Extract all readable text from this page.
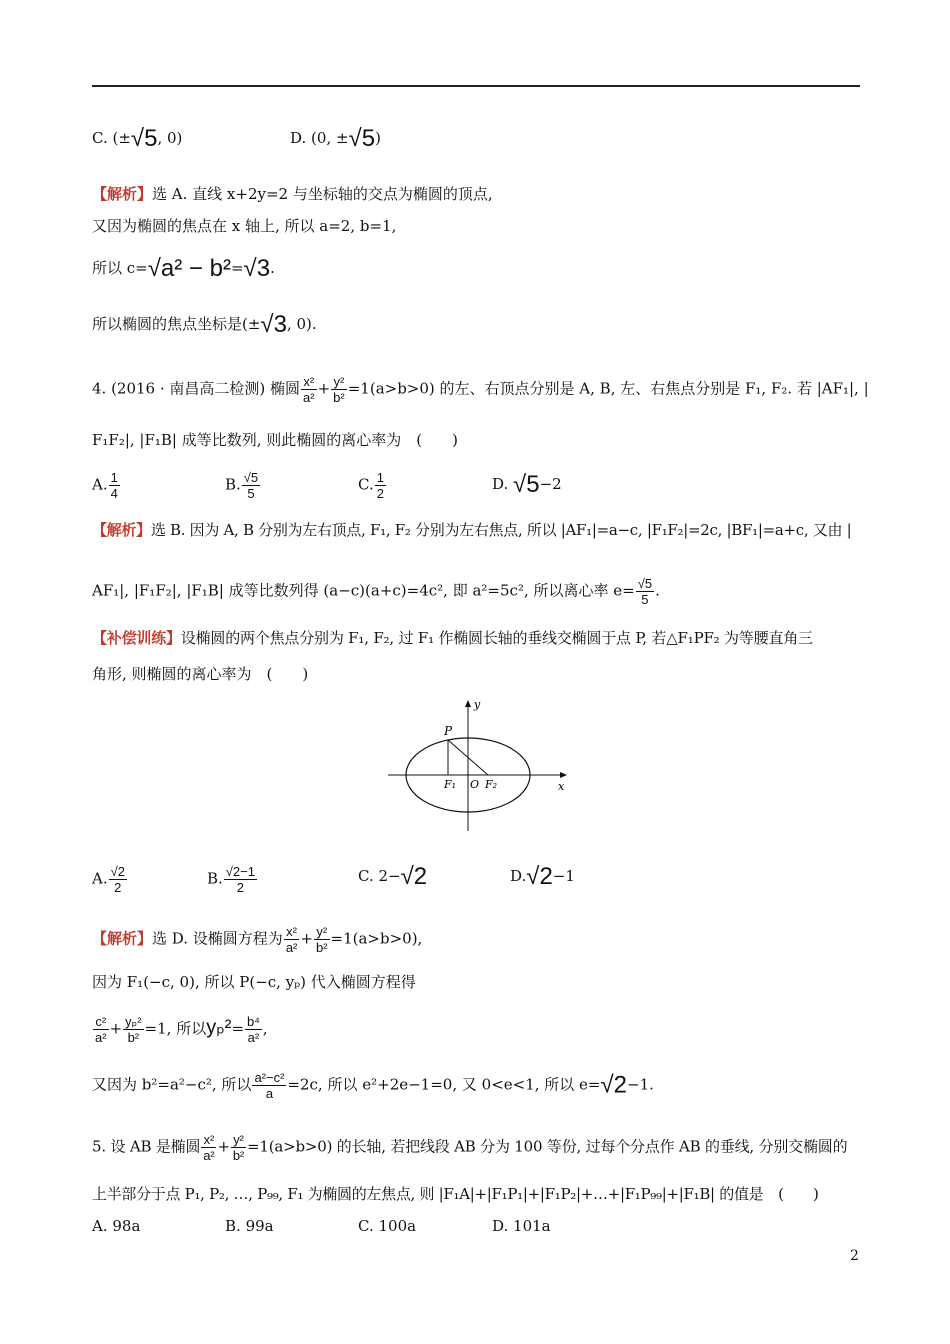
C. (±√5, 0)	D. (0, ±√5)
【解析】选 A. 直线 x+2y=2 与坐标轴的交点为椭圆的顶点,
又因为椭圆的焦点在 x 轴上, 所以 a=2, b=1,
所以 c=√a² − b²=√3.
所以椭圆的焦点坐标是(±√3, 0).
4. (2016 · 南昌高二检测) 椭圆 $\frac{\text{x²}}{\text{a²}} + \frac{\text{y²}}{\text{b²}} =1(a>b>0)$ 的左、右顶点分别是 A, B, 左、右焦点分别是 F₁, F₂. 若 |AF₁|, |
F₁F₂|, |F₁B| 成等比数列, 则此椭圆的离心率为　(　　)
A. $\frac{1}{4}$	B. $\frac{√5}{5}$	C. $\frac{1}{2}$	D. √5−2
【解析】选 B. 因为 A, B 分别为左右顶点, F₁, F₂ 分别为左右焦点, 所以 |AF₁|=a−c, |F₁F₂|=2c, |BF₁|=a+c, 又由 |
AF₁|, |F₁F₂|, |F₁B| 成等比数列得 (a−c)(a+c)=4c², 即 a²=5c², 所以离心率 $e= \frac{√5}{5}$ .
【补偿训练】设椭圆的两个焦点分别为 F₁, F₂, 过 F₁ 作椭圆长轴的垂线交椭圆于点 P, 若△F₁PF₂ 为等腰直角三
角形, 则椭圆的离心率为　(　　)
P
F₁ O F₂	x
y
A. $\frac{√2}{2}$	B. $\frac{√2-1}{2}$	C. 2−√2	D.√2−1
【解析】选 D. 设椭圆方程为 $\frac{\text{x²}}{\text{a²}} + \frac{\text{y²}}{\text{b²}} =1(a>b>0)$,
因为 F₁(−c, 0), 所以 P(−c, yₚ) 代入椭圆方程得
$\frac{\text{c²}}{\text{a²}} + \frac{\text{yₚ²}}{\text{b²}} =1$, 所以$y_p^2= \frac{\text{b⁴}}{\text{a²}}$ ,
又因为 b²=a²−c², 所以 $\frac{\text{a²−c²}}{a} =2c$, 所以 e²+2e−1=0, 又 0<e<1, 所以 e=√2−1.
5. 设 AB 是椭圆 $\frac{\text{x²}}{\text{a²}} + \frac{\text{y²}}{\text{b²}} =1(a>b>0)$ 的长轴, 若把线段 AB 分为 100 等份, 过每个分点作 AB 的垂线, 分别交椭圆的
上半部分于点 P₁, P₂, …, P₉₉, F₁ 为椭圆的左焦点, 则 |F₁A|+|F₁P₁|+|F₁P₂|+…+|F₁P₉₉|+|F₁B| 的值是　(　　)
A. 98a	B. 99a	C. 100a	D. 101a
2
